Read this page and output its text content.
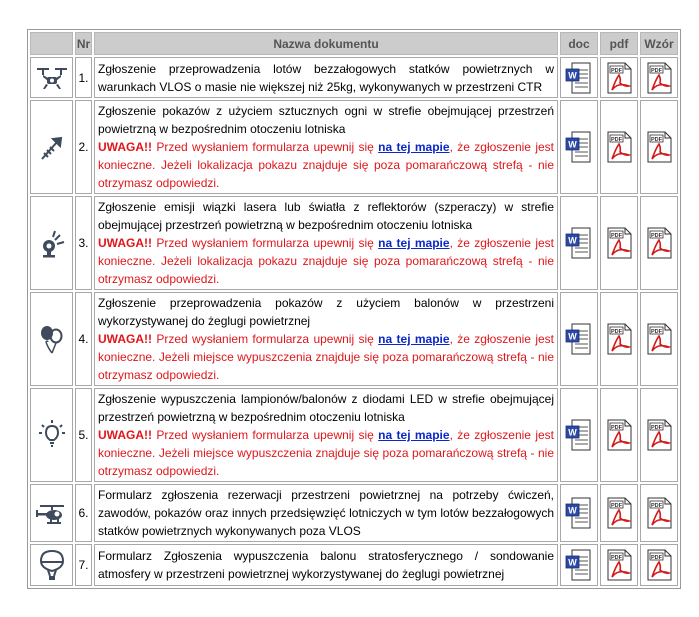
	Nr	Nazwa dokumentu	doc	pdf	Wzór
	1.	Zgłoszenie przeprowadzenia lotów bezzałogowych statków powietrznych w warunkach VLOS o masie nie większej niż 25kg, wykonywanych w przestrzeni CTR	W	PDF	PDF

	2.	Zgłoszenie pokazów z użyciem sztucznych ogni w strefie obejmującej przestrzeń powietrzną w bezpośrednim otoczeniu lotniska
UWAGA!! Przed wysłaniem formularza upewnij się na tej mapie, że zgłoszenie jest konieczne. Jeżeli lokalizacja pokazu znajduje się poza pomarańczową strefą - nie otrzymasz odpowiedzi.	W	PDF	PDF

	3.	Zgłoszenie emisji wiązki lasera lub światła z reflektorów (szperaczy) w strefie obejmującej przestrzeń powietrzną w bezpośrednim otoczeniu lotniska
UWAGA!! Przed wysłaniem formularza upewnij się na tej mapie, że zgłoszenie jest konieczne. Jeżeli lokalizacja pokazu znajduje się poza pomarańczową strefą - nie otrzymasz odpowiedzi.	W	PDF	PDF

	4.	Zgłoszenie przeprowadzenia pokazów z użyciem balonów w przestrzeni wykorzystywanej do żeglugi powietrznej
UWAGA!! Przed wysłaniem formularza upewnij się na tej mapie, że zgłoszenie jest konieczne. Jeżeli miejsce wypuszczenia znajduje się poza pomarańczową strefą - nie otrzymasz odpowiedzi.	W	PDF	PDF

	5.	Zgłoszenie wypuszczenia lampionów/balonów z diodami LED w strefie obejmującej przestrzeń powietrzną w bezpośrednim otoczeniu lotniska
UWAGA!! Przed wysłaniem formularza upewnij się na tej mapie, że zgłoszenie jest konieczne. Jeżeli miejsce wypuszczenia znajduje się poza pomarańczową strefą - nie otrzymasz odpowiedzi.	W	PDF	PDF

	6.	Formularz zgłoszenia rezerwacji przestrzeni powietrznej na potrzeby ćwiczeń, zawodów, pokazów oraz innych przedsięwzięć lotniczych w tym lotów bezzałogowych statków powietrznych wykonywanych poza VLOS	W	PDF	PDF

	7.	Formularz Zgłoszenia wypuszczenia balonu stratosferycznego / sondowanie atmosfery w przestrzeni powietrznej wykorzystywanej do żeglugi powietrznej	W	PDF	PDF
